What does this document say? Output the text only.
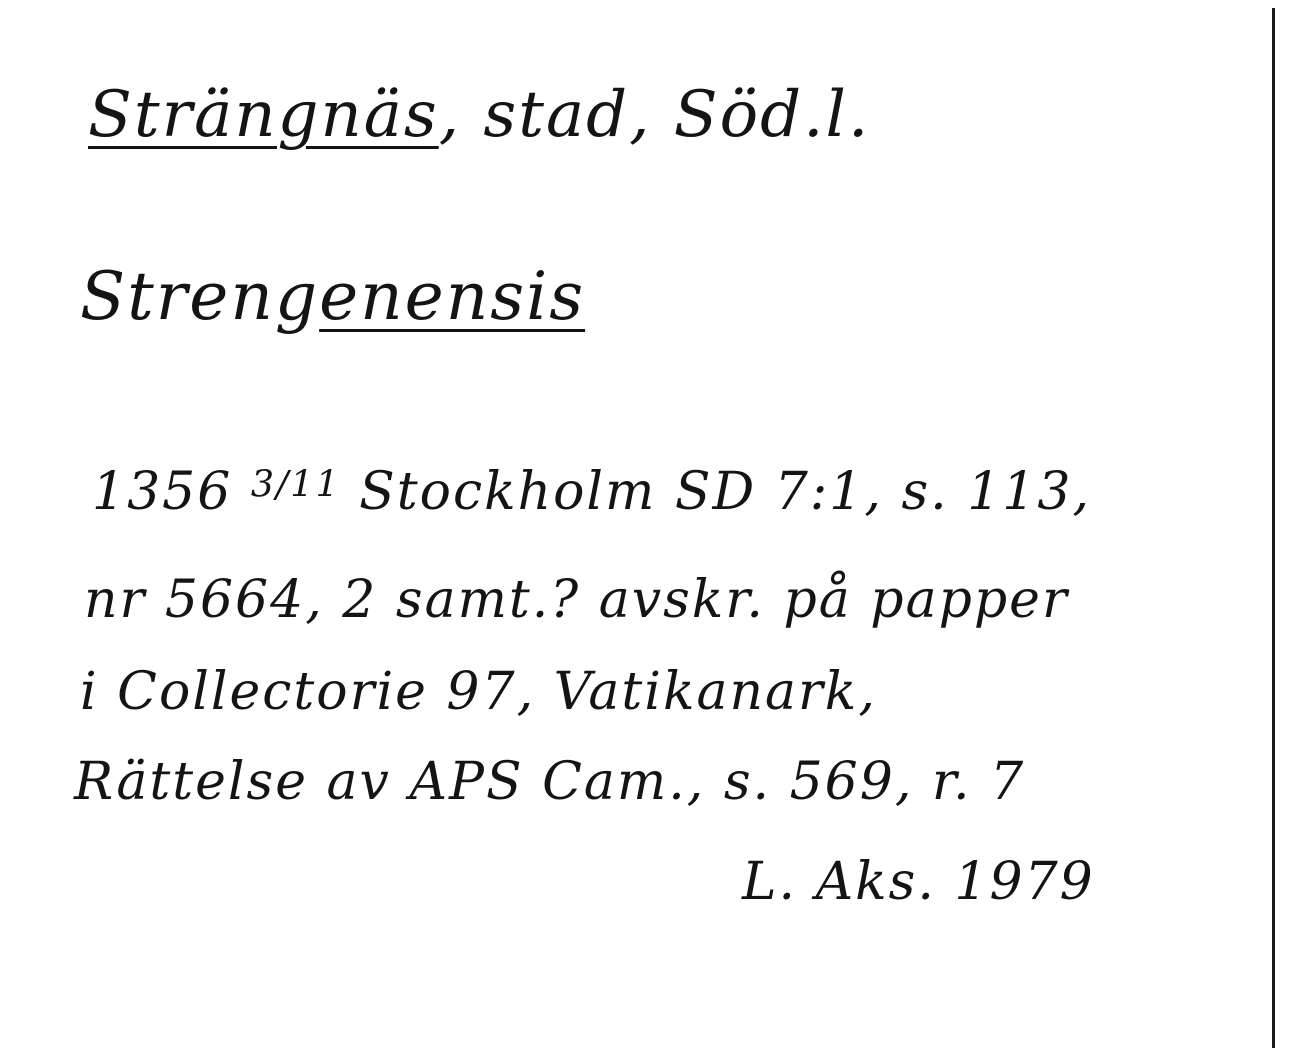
Strängnäs, stad, Söd.l.
Strengenensis
1356 $^{3/11}$ Stockholm SD 7:1, s. 113,
nr 5664, 2 samt.? avskr. på papper
i Collectorie 97, Vatikanark,
Rättelse av APS Cam., s. 569, r. 7
L. Aks. 1979
